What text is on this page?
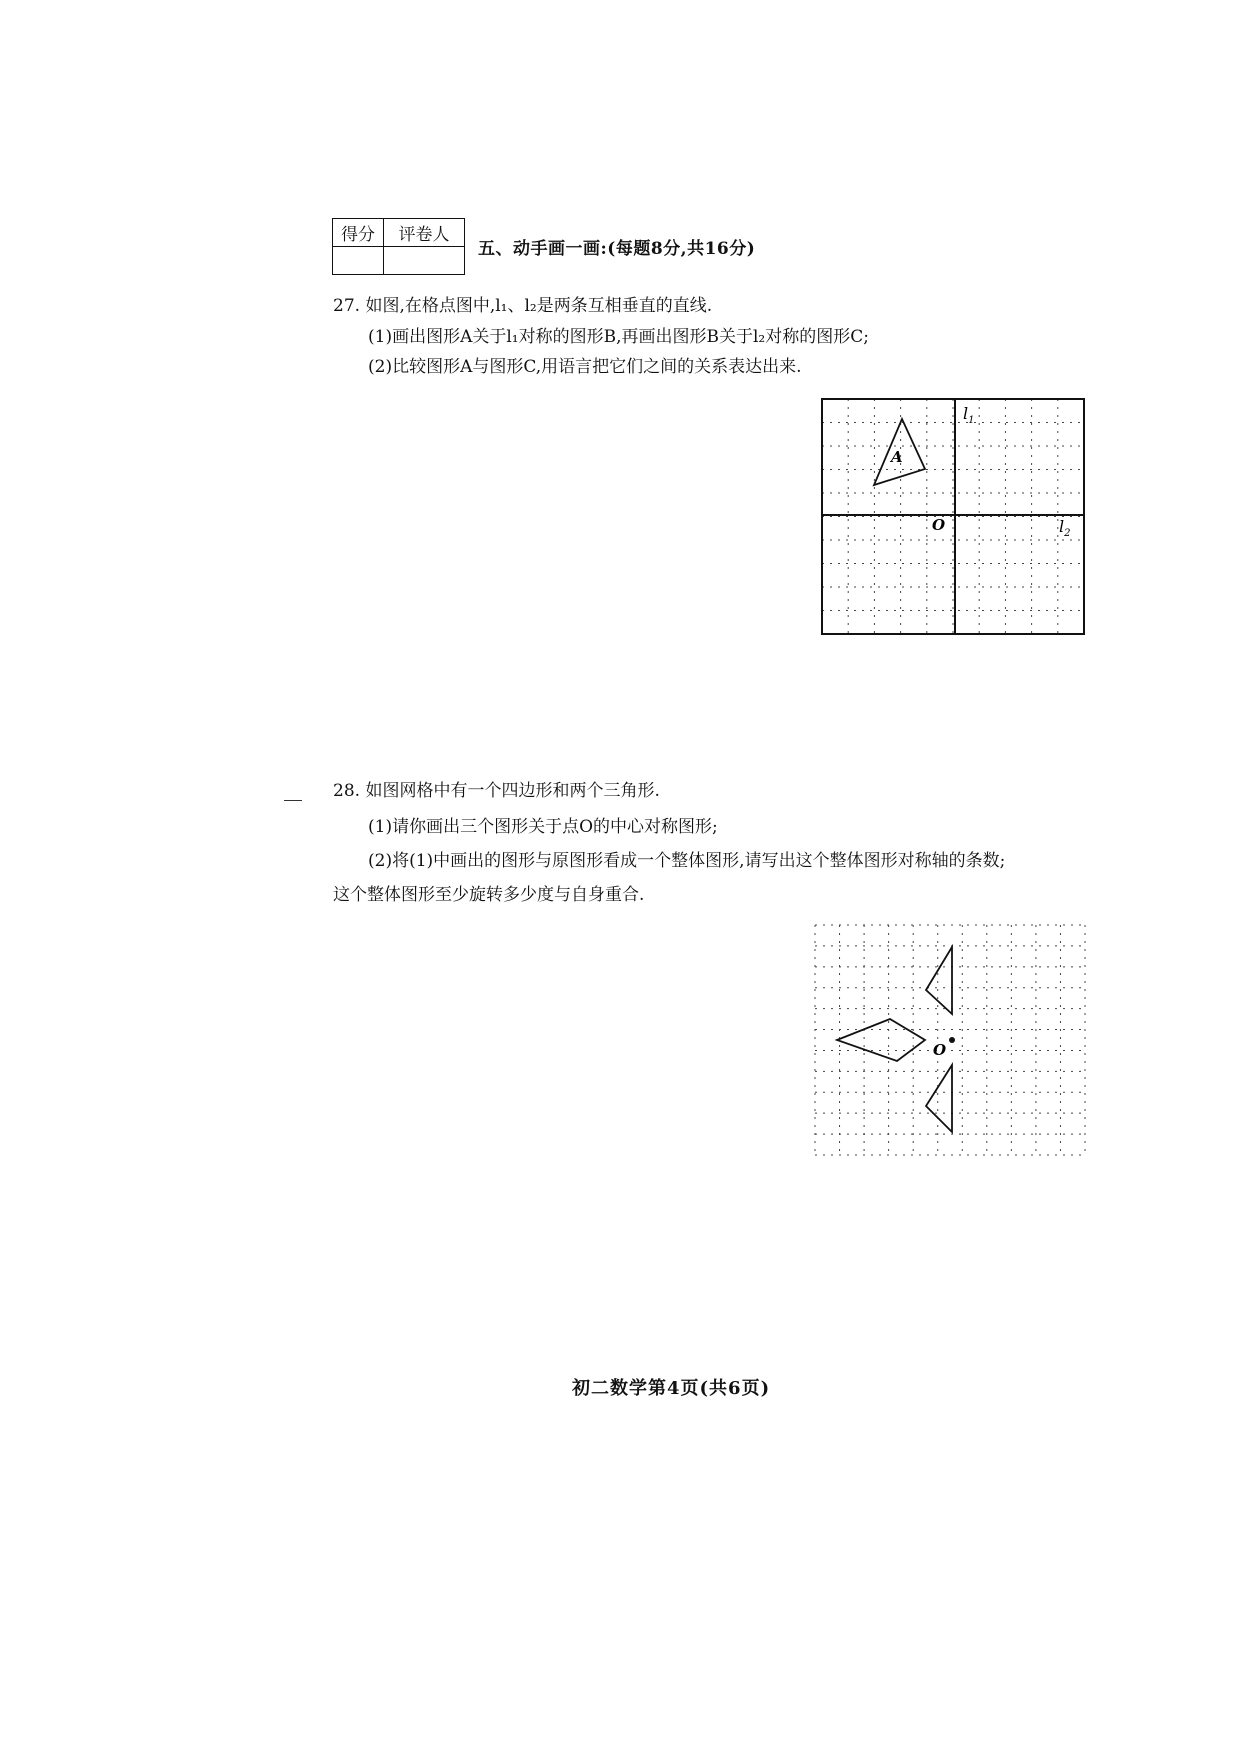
得分	评卷人

五、动手画一画:(每题8分,共16分)
27. 如图,在格点图中,l₁、l₂是两条互相垂直的直线.
(1)画出图形A关于l₁对称的图形B,再画出图形B关于l₂对称的图形C;
(2)比较图形A与图形C,用语言把它们之间的关系表达出来.
A
$l_1$
$l_2$
O
28. 如图网格中有一个四边形和两个三角形.
(1)请你画出三个图形关于点O的中心对称图形;
(2)将(1)中画出的图形与原图形看成一个整体图形,请写出这个整体图形对称轴的条数;
这个整体图形至少旋转多少度与自身重合.
O
初二数学第4页(共6页)
